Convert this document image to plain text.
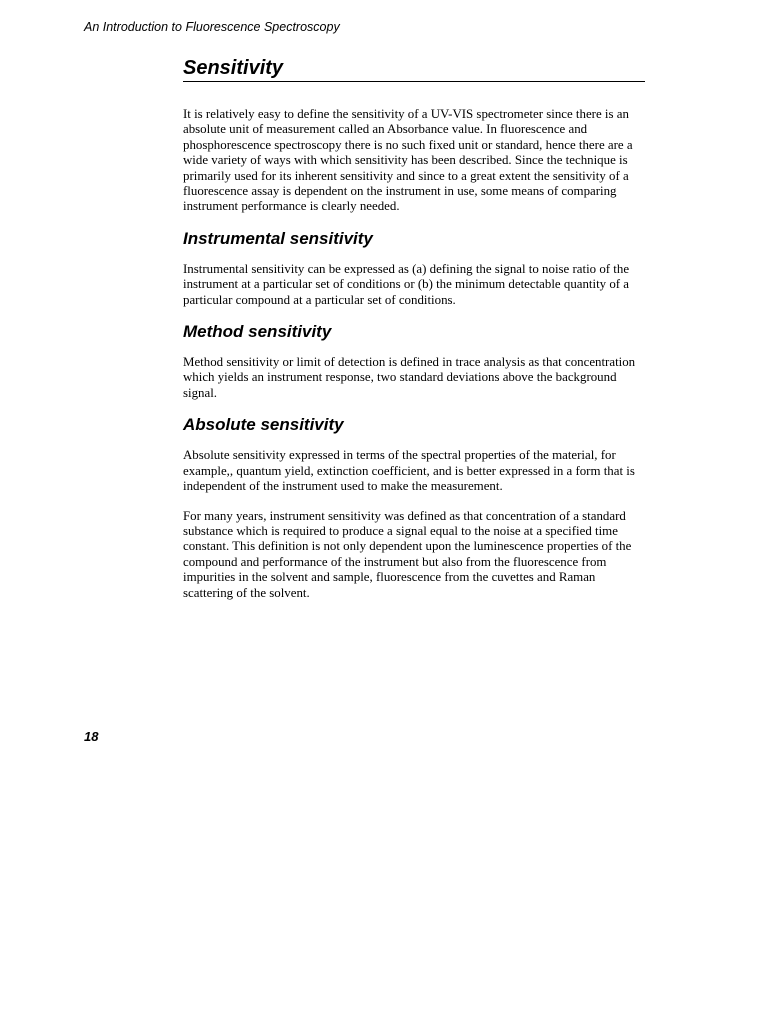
An Introduction to Fluorescence Spectroscopy

Sensitivity

It is relatively easy to define the sensitivity of a UV-VIS spectrometer since there is an absolute unit of measurement called an Absorbance value. In fluorescence and phosphorescence spectroscopy there is no such fixed unit or standard, hence there are a wide variety of ways with which sensitivity has been described. Since the technique is primarily used for its inherent sensitivity and since to a great extent the sensitivity of a fluorescence assay is dependent on the instrument in use, some means of comparing instrument performance is clearly needed.

Instrumental sensitivity

Instrumental sensitivity can be expressed as (a) defining the signal to noise ratio of the instrument at a particular set of conditions or (b) the minimum detectable quantity of a particular compound at a particular set of conditions.

Method sensitivity

Method sensitivity or limit of detection is defined in trace analysis as that concentration which yields an instrument response, two standard deviations above the background signal.

Absolute sensitivity

Absolute sensitivity expressed in terms of the spectral properties of the material, for example,, quantum yield, extinction coefficient, and is better expressed in a form that is independent of the instrument used to make the measurement.

For many years, instrument sensitivity was defined as that concentration of a standard substance which is required to produce a signal equal to the noise at a specified time constant. This definition is not only dependent upon the luminescence properties of the compound and performance of the instrument but also from the fluorescence from impurities in the solvent and sample, fluorescence from the cuvettes and Raman scattering of the solvent.

18
